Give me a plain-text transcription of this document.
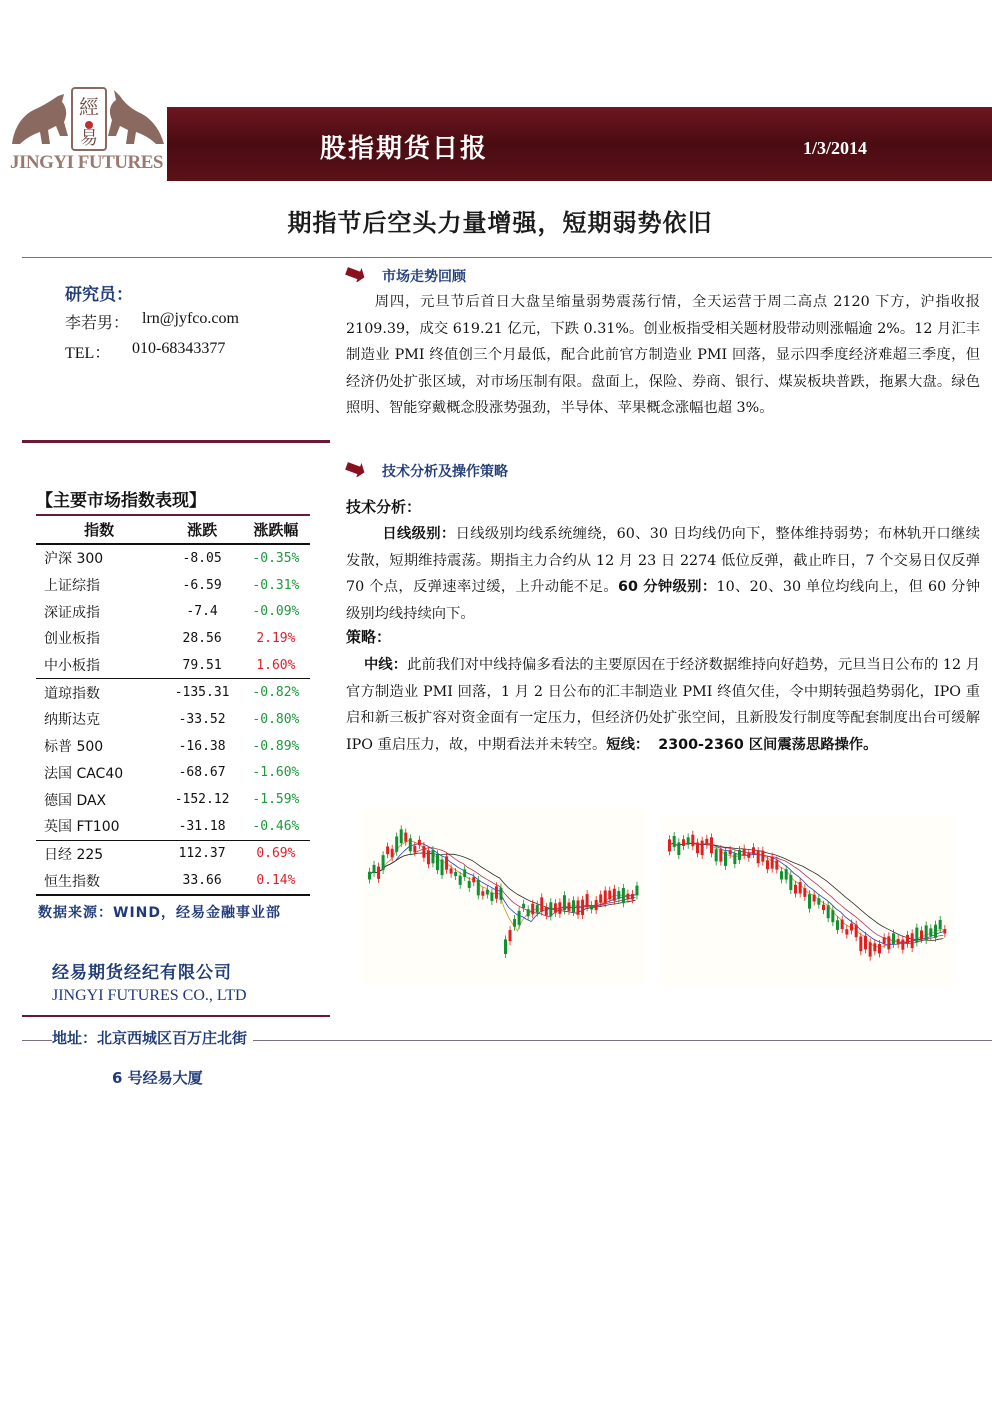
經
易
JINGYI FUTURES	股指期货日报	1/3/2014
期指节后空头力量增强，短期弱势依旧
研究员：
李若男： lrn@jyfco.com
TEL： 010-68343377
【主要市场指数表现】
指数	涨跌	涨跌幅
沪深 300	-8.05	-0.35%
上证综指	-6.59	-0.31%
深证成指	-7.4	-0.09%
创业板指	28.56	2.19%
中小板指	79.51	1.60%
道琼指数	-135.31	-0.82%
纳斯达克	-33.52	-0.80%
标普 500	-16.38	-0.89%
法国 CAC40	-68.67	-1.60%
德国 DAX	-152.12	-1.59%
英国 FT100	-31.18	-0.46%
日经 225	112.37	0.69%
恒生指数	33.66	0.14%
数据来源：WIND，经易金融事业部
经易期货经纪有限公司
JINGYI FUTURES CO., LTD
地址：北京西城区百万庄北街
6 号经易大厦
市场走势回顾
周四，元旦节后首日大盘呈缩量弱势震荡行情，全天运营于周二高点 2120 下方，沪指收报 2109.39，成交 619.21 亿元，下跌 0.31%。创业板指受相关题材股带动则涨幅逾 2%。12 月汇丰制造业 PMI 终值创三个月最低，配合此前官方制造业 PMI 回落，显示四季度经济难超三季度，但经济仍处扩张区域，对市场压制有限。盘面上，保险、券商、银行、煤炭板块普跌，拖累大盘。绿色照明、智能穿戴概念股涨势强劲，半导体、苹果概念涨幅也超 3%。
技术分析及操作策略
技术分析：
日线级别：日线级别均线系统缠绕，60、30 日均线仍向下，整体维持弱势；布林轨开口继续发散，短期维持震荡。期指主力合约从 12 月 23 日 2274 低位反弹，截止昨日，7 个交易日仅反弹 70 个点，反弹速率过缓，上升动能不足。60 分钟级别：10、20、30 单位均线向上，但 60 分钟级别均线持续向下。
策略：
中线：此前我们对中线持偏多看法的主要原因在于经济数据维持向好趋势，元旦当日公布的 12 月官方制造业 PMI 回落，1 月 2 日公布的汇丰制造业 PMI 终值欠佳，令中期转强趋势弱化，IPO 重启和新三板扩容对资金面有一定压力，但经济仍处扩张空间，且新股发行制度等配套制度出台可缓解 IPO 重启压力，故，中期看法并未转空。短线： 2300-2360 区间震荡思路操作。
